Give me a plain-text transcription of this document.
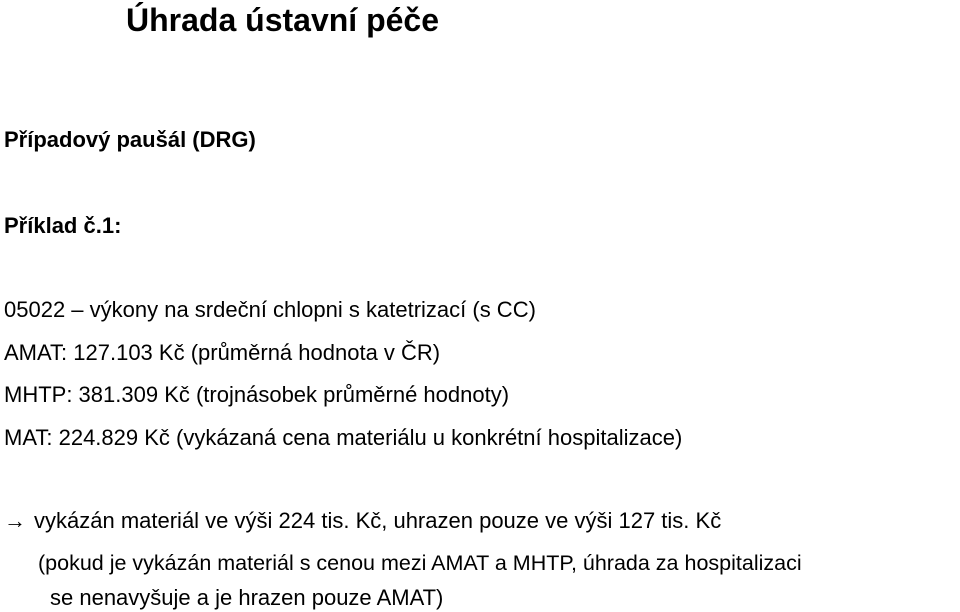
Úhrada ústavní péče
Případový paušál (DRG)
Příklad č.1:
05022 – výkony na srdeční chlopni s katetrizací (s CC)
AMAT: 127.103 Kč (průměrná hodnota v ČR)
MHTP: 381.309 Kč (trojnásobek průměrné hodnoty)
MAT: 224.829 Kč (vykázaná cena materiálu u konkrétní hospitalizace)
→ vykázán materiál ve výši 224 tis. Kč, uhrazen pouze ve výši 127 tis. Kč
(pokud je vykázán materiál s cenou mezi AMAT a MHTP, úhrada za hospitalizaci
se nenavyšuje a je hrazen pouze AMAT)
